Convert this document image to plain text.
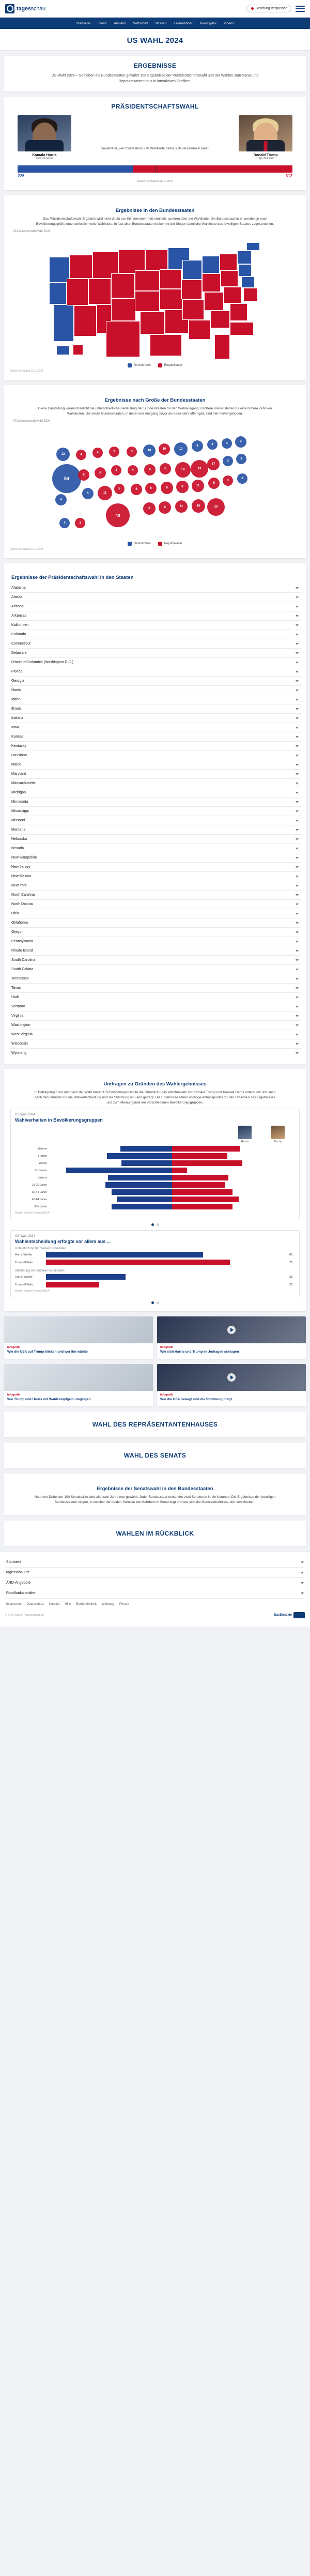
tagesschau	Sendung verpasst?
Startseite Inland Ausland Wirtschaft Wissen Faktenfinder Investigativ Videos
US WAHL 2024
ERGEBNISSE
US-Wahl 2024 – So haben die Bundesstaaten gewählt: Die Ergebnisse der Präsidentschaftswahl und der Wahlen zum Senat und Repräsentantenhaus in interaktiven Grafiken.
PRÄSIDENTSCHAFTSWAHL
Kamala Harris
Demokraten
Gewählt ist, wer mindestens 270 Wahlleute hinter sich versammeln kann.
Donald Trump
Republikaner
226	312
Quelle: AP/Stand 11.11.2024
Ergebnisse in den Bundesstaaten
Das Präsidentschaftswahl-Ergebnis wird nicht direkt per Stimmenmehrheit ermittelt, sondern über die Wahlleute: Die Bundesstaaten entsenden je nach Bevölkerungsgröße unterschiedlich viele Wahlleute. In fast allen Bundesstaaten bekommt der Sieger sämtliche Wahlleute des jeweiligen Staates zugesprochen.
Präsidentschaftswahl 2024
Demokraten	Republikaner
Quelle: AP/Stand 11.11.2024
Ergebnisse nach Größe der Bundesstaaten
Diese Darstellung veranschaulicht die unterschiedliche Bedeutung der Bundesstaaten für den Wahlausgang: Größere Kreise stehen für eine höhere Zahl von Wahlleuten. Die sechs Bundesstaaten, in denen der Ausgang zuvor als besonders offen galt, sind hier hervorgehoben.
Präsidentschaftswahl 2024
54
12
4
4
6
5
4
6
11
3
3
5
40
3
4
6
10
6
6
8
10
6
8
8
10
19
8
11
4
19
11
16
4
17
5
30
4
3
3
4
3
3
4	3
Demokraten	Republikaner
Quelle: AP/Stand 11.11.2024
Ergebnisse der Präsidentschaftswahl in den Staaten
Alabama
Alaska
Arizona
Arkansas
Kalifornien
Colorado
Connecticut
Delaware
District of Columbia (Washington D.C.)
Florida
Georgia
Hawaii
Idaho
Illinois
Indiana
Iowa
Kansas
Kentucky
Louisiana
Maine
Maryland
Massachusetts
Michigan
Minnesota
Mississippi
Missouri
Montana
Nebraska
Nevada
New Hampshire
New Jersey
New Mexico
New York
North Carolina
North Dakota
Ohio
Oklahoma
Oregon
Pennsylvania
Rhode Island
South Carolina
South Dakota
Tennessee
Texas
Utah
Vermont
Virginia
Washington
West Virginia
Wisconsin
Wyoming
Umfragen zu Gründen des Wahlergebnisses
In Befragungen vor und nach der Wahl haben US-Forschungsinstitute die Gründe für das Abschneiden von Donald Trump und Kamala Harris untersucht und auch nach den Gründen für die Wahlentscheidung und die Stimmung im Land gefragt. Die Ergebnisse liefern wichtige Anhaltspunkte zu den Ursachen des Ergebnisses und zum Meinungsbild der verschiedenen Bevölkerungsgruppen.
US-Wahl 2024
Wahlverhalten in Bevölkerungsgruppen
Harris	Trump
Männer
Frauen
Weiße
Schwarze
Latinos
18-29 Jahre
30-44 Jahre
45-64 Jahre
65+ Jahre
Quelle: Edison Research/NEP
US-Wahl 2024
Wahlentscheidung erfolgte vor allem aus ...
Unterstützung für meinen Kandidaten
Harris-Wähler	65
Trump-Wähler	76
Ablehnung des anderen Kandidaten
Harris-Wähler	33
Trump-Wähler	22
Quelle: Edison Research/NEP
Infografik
Wie die USA auf Trump blicken und wer ihn wählte
Infografik
Wie sich Harris und Trump in Umfragen schlugen
Infografik
Wie Trump und Harris mit Wahlkampfgeld umgingen
Infografik
Wie die USA bewegt und die Stimmung prägt
WAHL DES REPRÄSENTANTENHAUSES
WAHL DES SENATS
Ergebnisse der Senatswahl in den Bundesstaaten
Neue ein Drittel der 100 Senatssitze wird alle zwei Jahre neu gewählt. Jeder Bundesstaat entsendet zwei Senatoren in die Kammer. Die Ergebnisse der jeweiligen Bundesstaaten zeigen, in welcher der beiden Parteien die Mehrheit im Senat liegt und wie sich die Machtverhältnisse dort verschieben.
WAHLEN IM RÜCKBLICK
Startseite
tagesschau.de
ARD-Angebote
Rundfunkanstalten
Impressum Datenschutz Kontakt Hilfe Barrierefreiheit Werbung Presse
© ARD-aktuell / tagesschau.de	DasErste.de
